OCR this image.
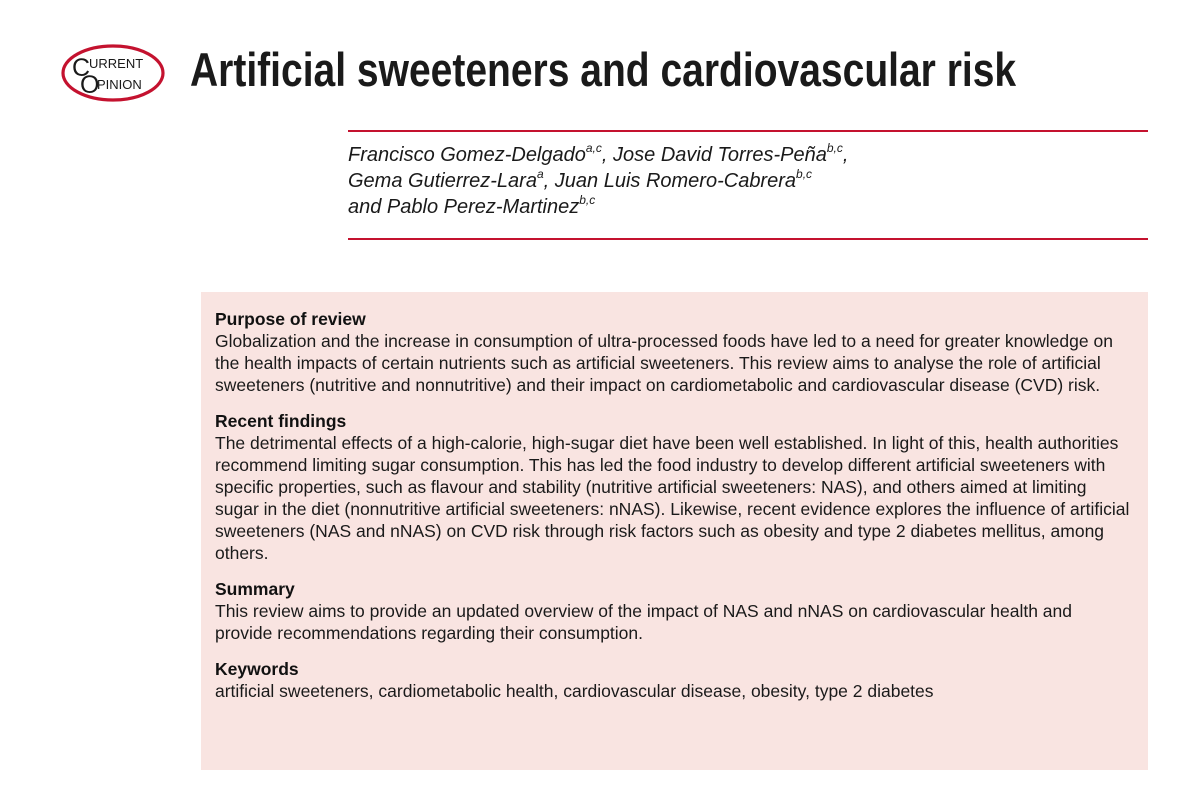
C
URRENT
O
PINION Artificial sweeteners and cardiovascular risk
Francisco Gomez-Delgado$^{a,c}$, Jose David Torres-Peña$^{b,c}$,
Gema Gutierrez-Lara$^a$, Juan Luis Romero-Cabrera$^{b,c}$
and Pablo Perez-Martinez$^{b,c}$
Purpose of review

Globalization and the increase in consumption of ultra-processed foods have led to a need for greater knowledge on the health impacts of certain nutrients such as artificial sweeteners. This review aims to analyse the role of artificial sweeteners (nutritive and nonnutritive) and their impact on cardiometabolic and cardiovascular disease (CVD) risk.

Recent findings

The detrimental effects of a high-calorie, high-sugar diet have been well established. In light of this, health authorities recommend limiting sugar consumption. This has led the food industry to develop different artificial sweeteners with specific properties, such as flavour and stability (nutritive artificial sweeteners: NAS), and others aimed at limiting sugar in the diet (nonnutritive artificial sweeteners: nNAS). Likewise, recent evidence explores the influence of artificial sweeteners (NAS and nNAS) on CVD risk through risk factors such as obesity and type 2 diabetes mellitus, among others.

Summary

This review aims to provide an updated overview of the impact of NAS and nNAS on cardiovascular health and provide recommendations regarding their consumption.

Keywords

artificial sweeteners, cardiometabolic health, cardiovascular disease, obesity, type 2 diabetes
